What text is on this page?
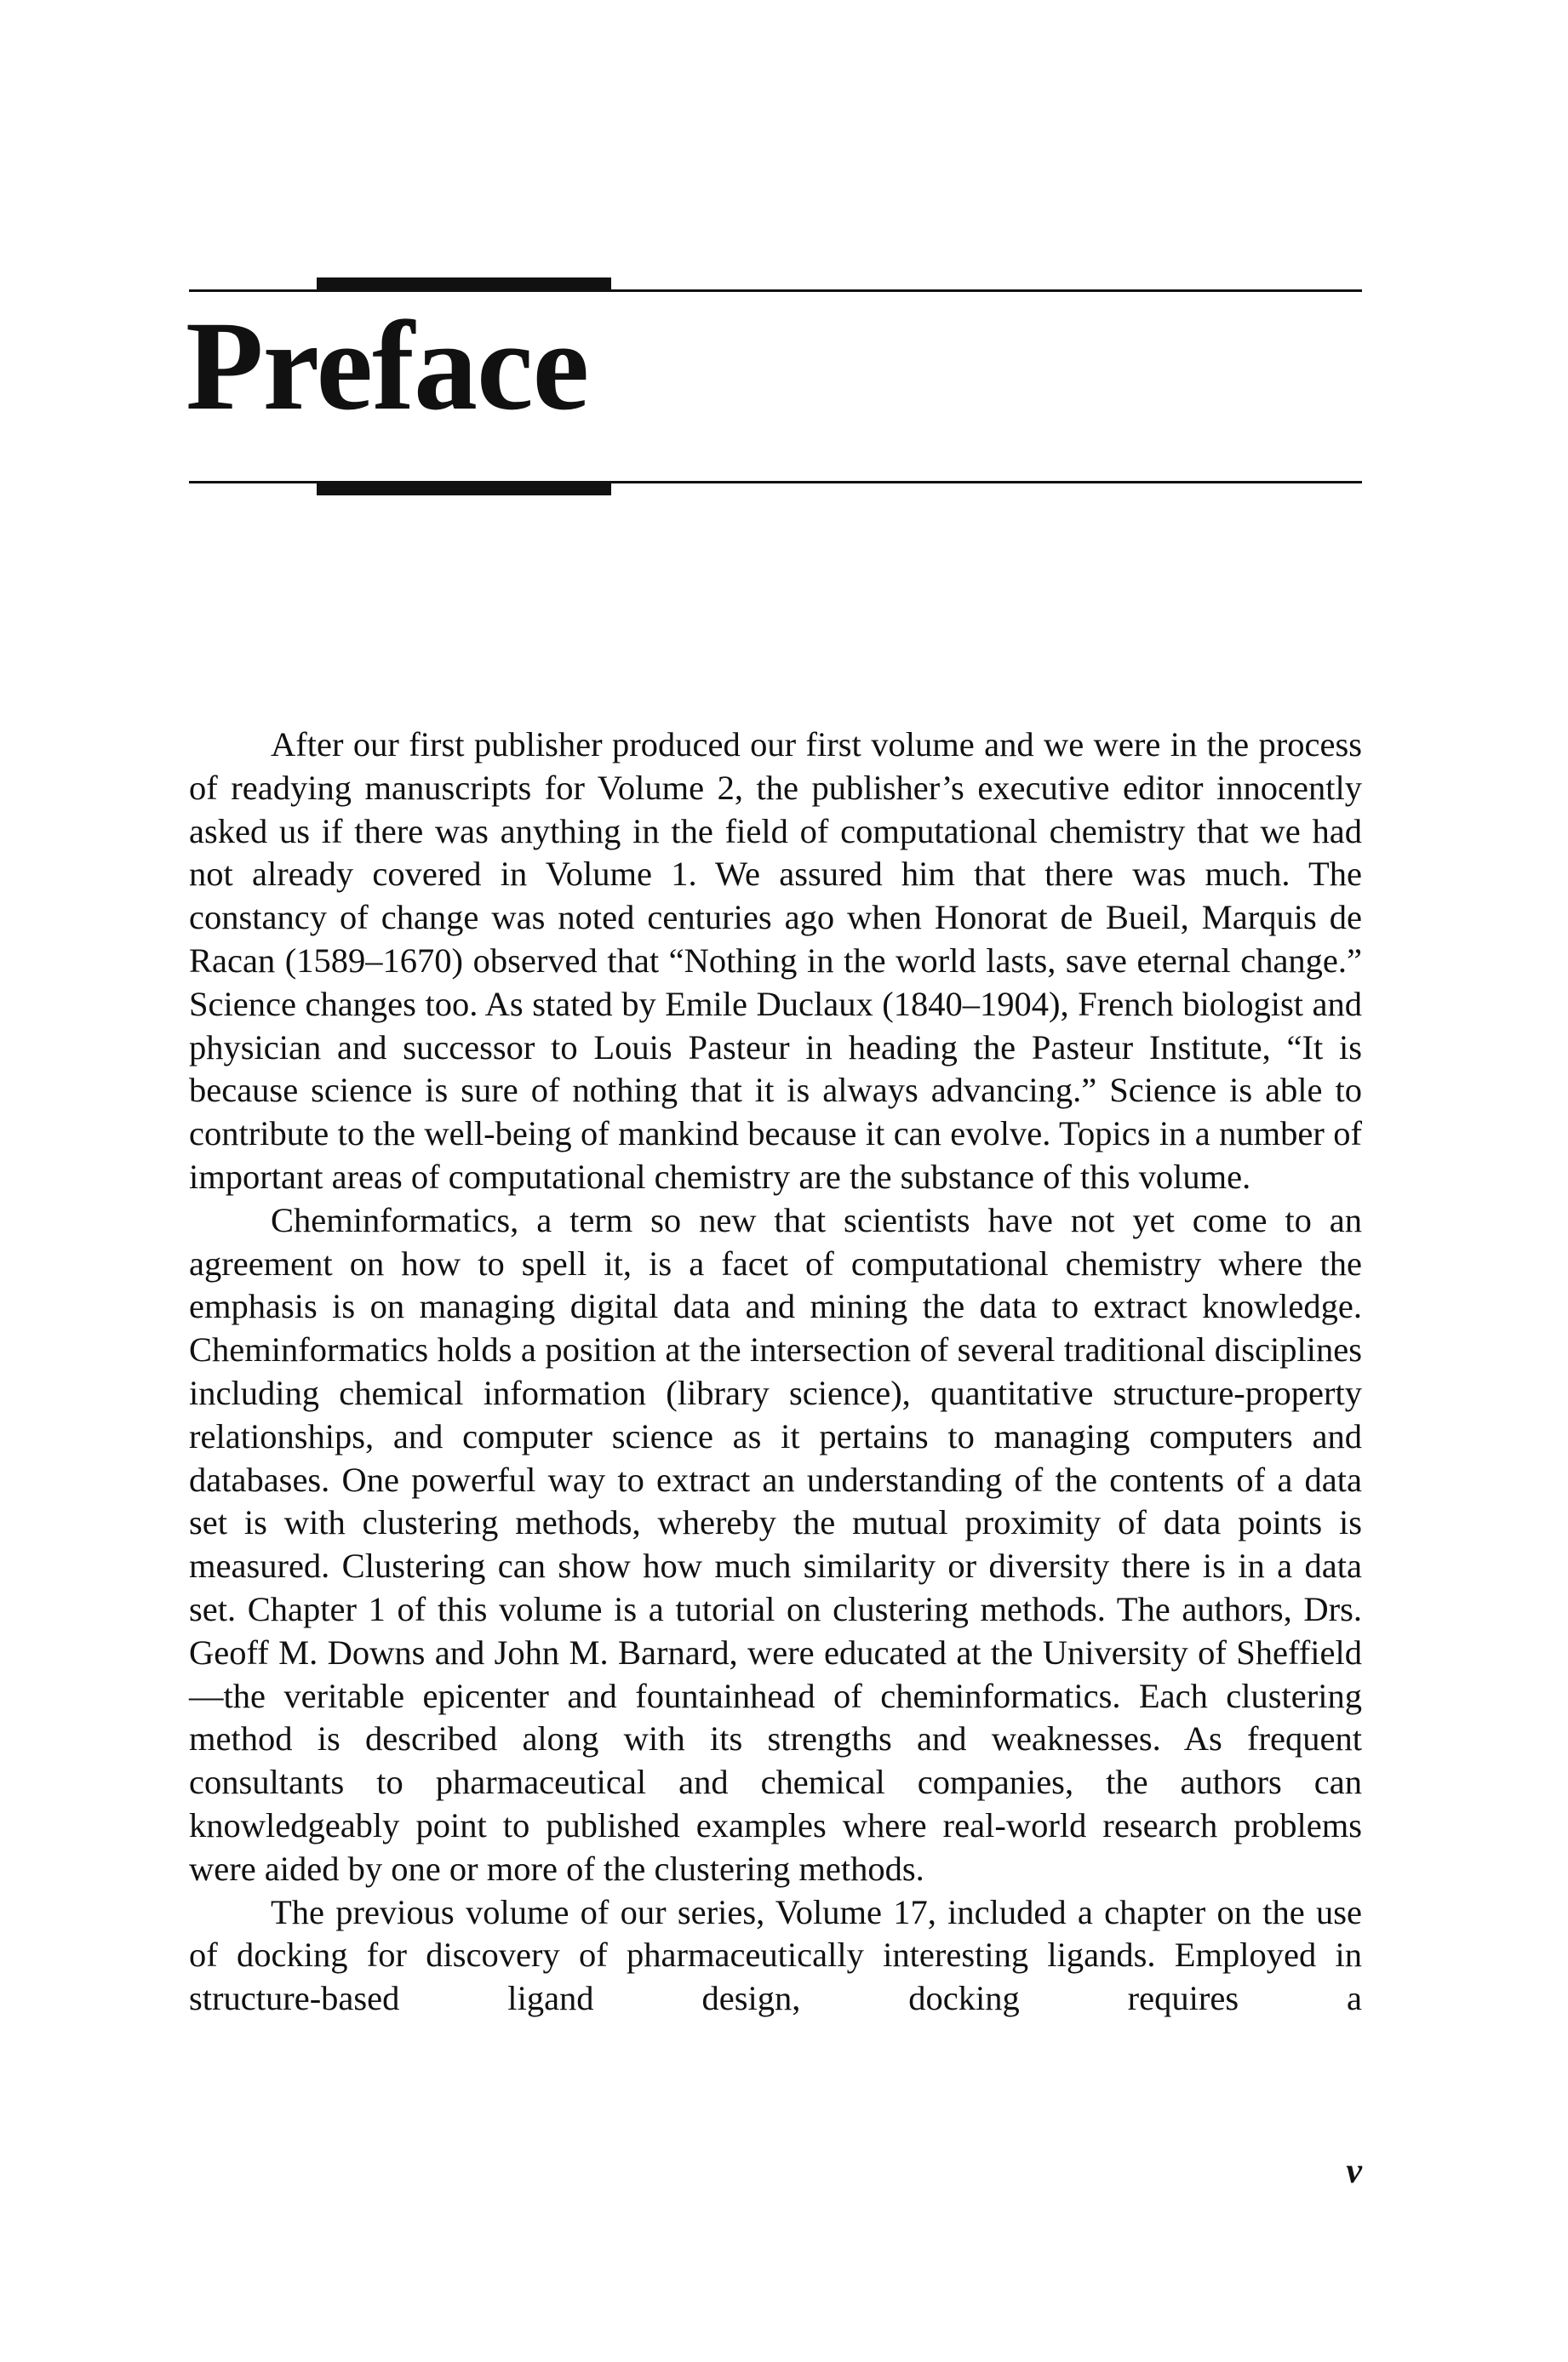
Preface

After our first publisher produced our first volume and we were in the process of readying manuscripts for Volume 2, the publisher’s executive editor innocently asked us if there was anything in the field of computational chemistry that we had not already covered in Volume 1. We assured him that there was much. The constancy of change was noted centuries ago when Honorat de Bueil, Marquis de Racan (1589–1670) observed that “Nothing in the world lasts, save eternal change.” Science changes too. As stated by Emile Duclaux (1840–1904), French biologist and physician and successor to Louis Pasteur in heading the Pasteur Institute, “It is because science is sure of nothing that it is always advancing.” Science is able to contribute to the well-being of mankind because it can evolve. Topics in a number of important areas of computational chemistry are the substance of this volume.

Cheminformatics, a term so new that scientists have not yet come to an agreement on how to spell it, is a facet of computational chemistry where the emphasis is on managing digital data and mining the data to extract knowledge. Cheminformatics holds a position at the intersection of several traditional disciplines including chemical information (library science), quantitative structure-property relationships, and computer science as it pertains to managing computers and databases. One powerful way to extract an understanding of the contents of a data set is with clustering methods, whereby the mutual proximity of data points is measured. Clustering can show how much similarity or diversity there is in a data set. Chapter 1 of this volume is a tutorial on clustering methods. The authors, Drs. Geoff M. Downs and John M. Barnard, were educated at the University of Sheffield—the veritable epicenter and fountainhead of cheminformatics. Each clustering method is described along with its strengths and weaknesses. As frequent consultants to pharmaceutical and chemical companies, the authors can knowledgeably point to published examples where real-world research problems were aided by one or more of the clustering methods.

The previous volume of our series, Volume 17, included a chapter on the use of docking for discovery of pharmaceutically interesting ligands. Employed in structure-based ligand design, docking requires a

v
